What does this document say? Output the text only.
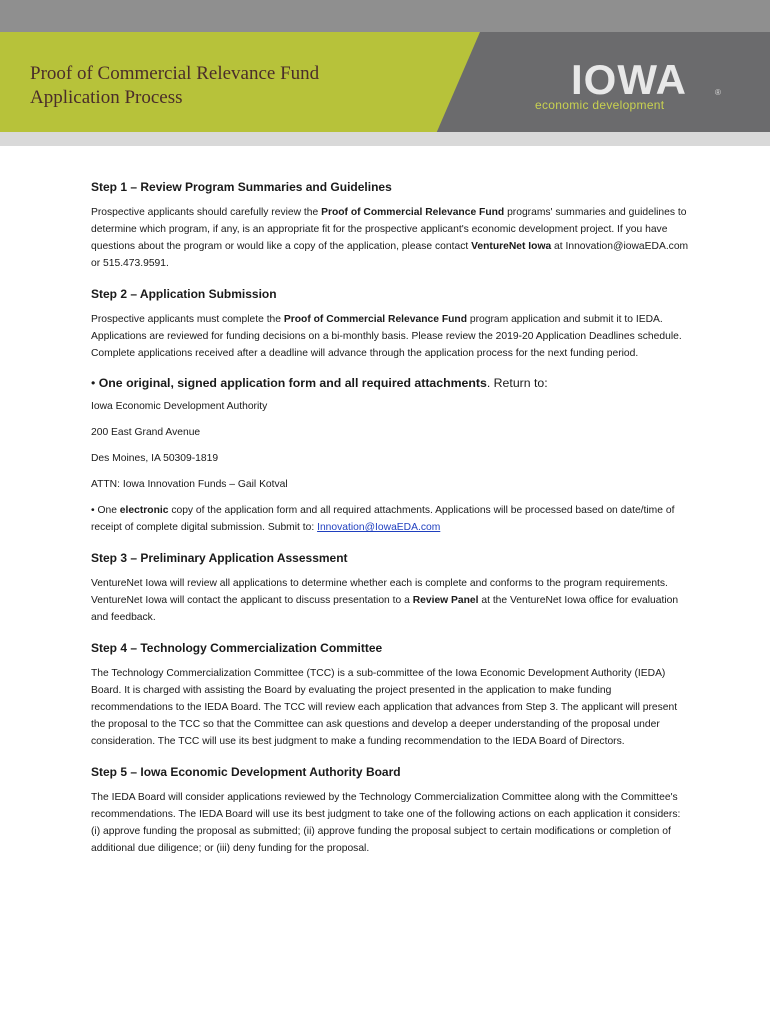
Proof of Commercial Relevance Fund
Application Process	IOWA	®
economic development

Step 1 – Review Program Summaries and Guidelines

Prospective applicants should carefully review the Proof of Commercial Relevance Fund programs' summaries and guidelines to determine which program, if any, is an appropriate fit for the prospective applicant's economic development project. If you have questions about the program or would like a copy of the application, please contact VentureNet Iowa at Innovation@iowaEDA.com or 515.473.9591.

Step 2 – Application Submission

Prospective applicants must complete the Proof of Commercial Relevance Fund program application and submit it to IEDA. Applications are reviewed for funding decisions on a bi-monthly basis. Please review the 2019-20 Application Deadlines schedule. Complete applications received after a deadline will advance through the application process for the next funding period.

• One original, signed application form and all required attachments. Return to:

Iowa Economic Development Authority

200 East Grand Avenue

Des Moines, IA 50309-1819

ATTN: Iowa Innovation Funds – Gail Kotval

• One electronic copy of the application form and all required attachments. Applications will be processed based on date/time of receipt of complete digital submission. Submit to: Innovation@IowaEDA.com

Step 3 – Preliminary Application Assessment

VentureNet Iowa will review all applications to determine whether each is complete and conforms to the program requirements. VentureNet Iowa will contact the applicant to discuss presentation to a Review Panel at the VentureNet Iowa office for evaluation and feedback.

Step 4 – Technology Commercialization Committee

The Technology Commercialization Committee (TCC) is a sub-committee of the Iowa Economic Development Authority (IEDA) Board. It is charged with assisting the Board by evaluating the project presented in the application to make funding recommendations to the IEDA Board. The TCC will review each application that advances from Step 3. The applicant will present the proposal to the TCC so that the Committee can ask questions and develop a deeper understanding of the proposal under consideration. The TCC will use its best judgment to make a funding recommendation to the IEDA Board of Directors.

Step 5 – Iowa Economic Development Authority Board

The IEDA Board will consider applications reviewed by the Technology Commercialization Committee along with the Committee's recommendations. The IEDA Board will use its best judgment to take one of the following actions on each application it considers: (i) approve funding the proposal as submitted; (ii) approve funding the proposal subject to certain modifications or completion of additional due diligence; or (iii) deny funding for the proposal.
